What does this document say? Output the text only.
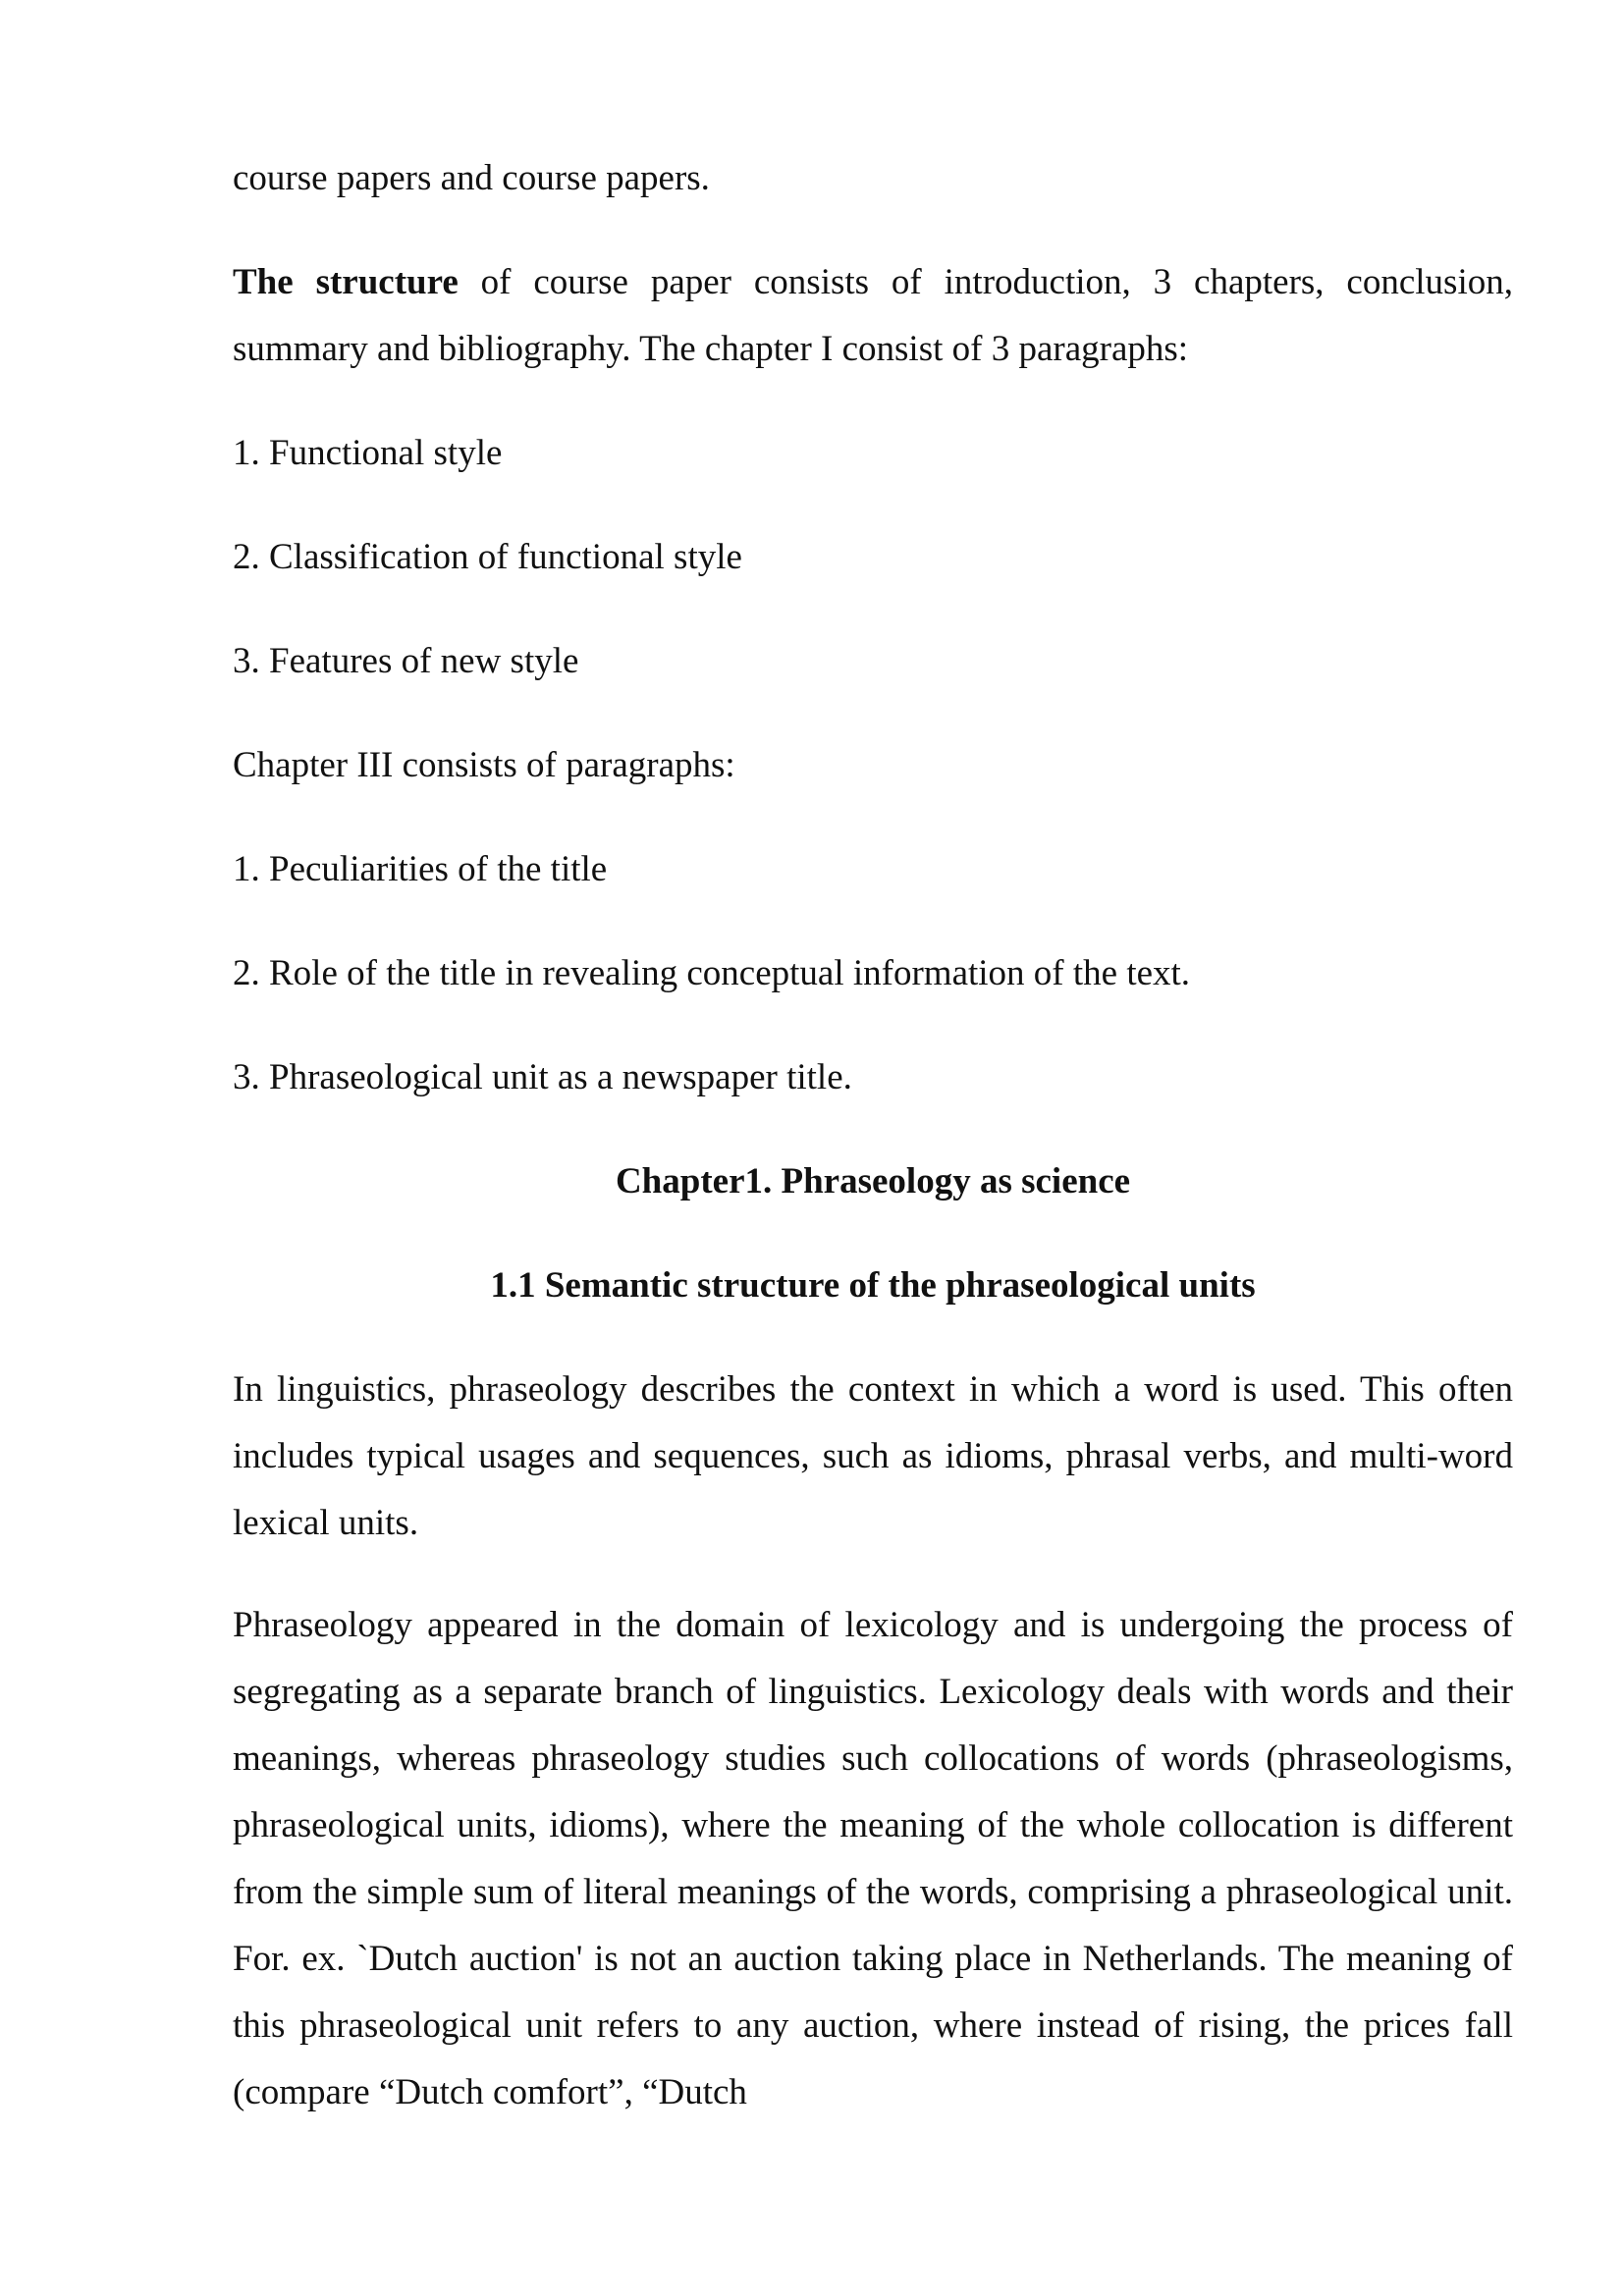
course papers and course papers.

The structure of course paper consists of introduction, 3 chapters, conclusion, summary and bibliography. The chapter I consist of 3 paragraphs:

1. Functional style

2. Classification of functional style

3. Features of new style

Chapter III consists of paragraphs:

1. Peculiarities of the title

2. Role of the title in revealing conceptual information of the text.

3. Phraseological unit as a newspaper title.

Chapter1. Phraseology as science
1.1 Semantic structure of the phraseological units

In linguistics, phraseology describes the context in which a word is used. This often includes typical usages and sequences, such as idioms, phrasal verbs, and multi-word lexical units.

Phraseology appeared in the domain of lexicology and is undergoing the process of segregating as a separate branch of linguistics. Lexicology deals with words and their meanings, whereas phraseology studies such collocations of words (phraseologisms, phraseological units, idioms), where the meaning of the whole collocation is different from the simple sum of literal meanings of the words, comprising a phraseological unit. For. ex. `Dutch auction' is not an auction taking place in Netherlands. The meaning of this phraseological unit refers to any auction, where instead of rising, the prices fall (compare “Dutch comfort”, “Dutch
